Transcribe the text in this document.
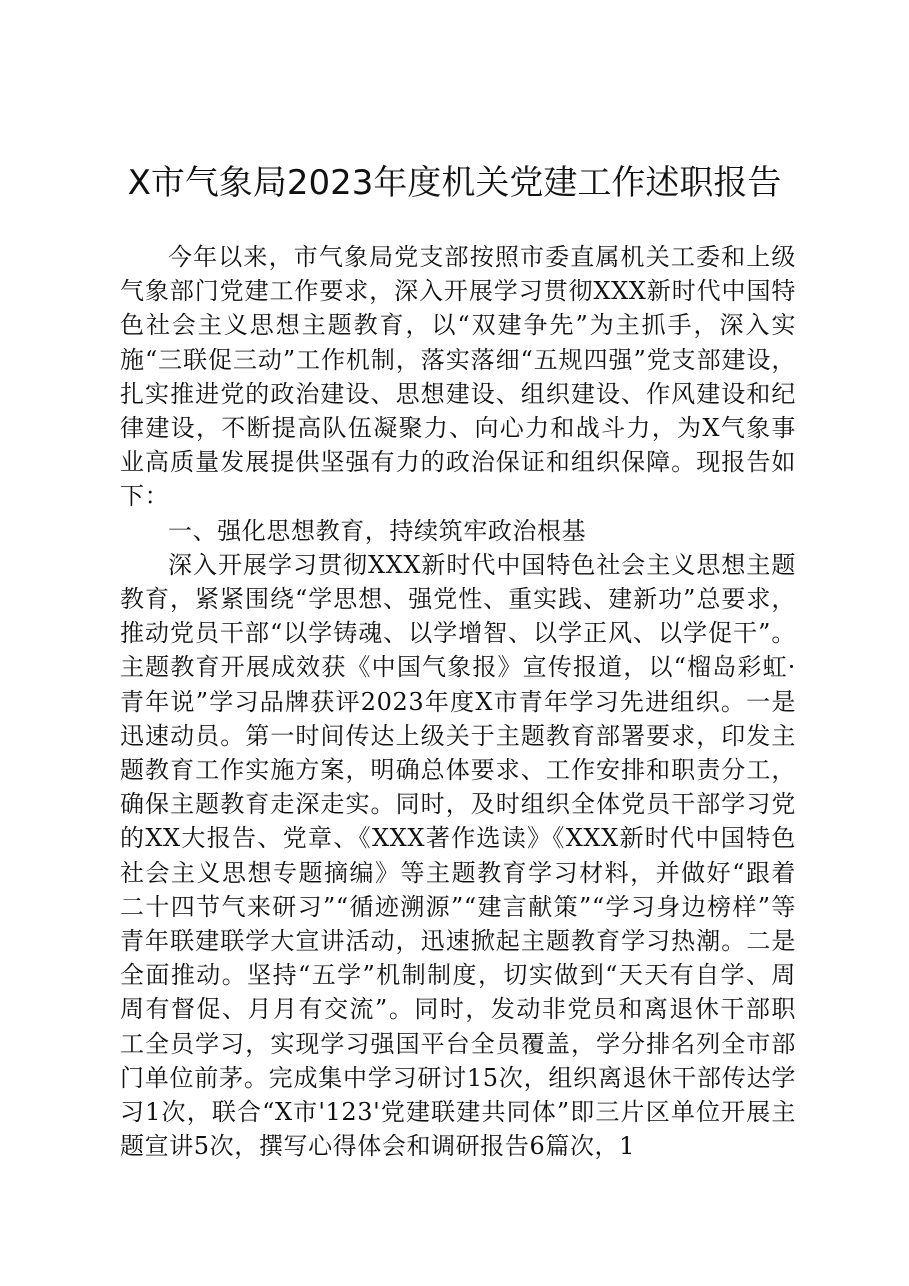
X市气象局2023年度机关党建工作述职报告

今年以来，市气象局党支部按照市委直属机关工委和上级气象部门党建工作要求，深入开展学习贯彻XXX新时代中国特色社会主义思想主题教育，以“双建争先”为主抓手，深入实施“三联促三动”工作机制，落实落细“五规四强”党支部建设，扎实推进党的政治建设、思想建设、组织建设、作风建设和纪律建设，不断提高队伍凝聚力、向心力和战斗力，为X气象事业高质量发展提供坚强有力的政治保证和组织保障。现报告如下：

一、强化思想教育，持续筑牢政治根基

深入开展学习贯彻XXX新时代中国特色社会主义思想主题教育，紧紧围绕“学思想、强党性、重实践、建新功”总要求，推动党员干部“以学铸魂、以学增智、以学正风、以学促干”。主题教育开展成效获《中国气象报》宣传报道，以“榴岛彩虹·青年说”学习品牌获评2023年度X市青年学习先进组织。一是迅速动员。第一时间传达上级关于主题教育部署要求，印发主题教育工作实施方案，明确总体要求、工作安排和职责分工，确保主题教育走深走实。同时，及时组织全体党员干部学习党的XX大报告、党章、《XXX著作选读》《XXX新时代中国特色社会主义思想专题摘编》等主题教育学习材料，并做好“跟着二十四节气来研习”“循迹溯源”“建言献策”“学习身边榜样”等青年联建联学大宣讲活动，迅速掀起主题教育学习热潮。二是全面推动。坚持“五学”机制制度，切实做到“天天有自学、周周有督促、月月有交流”。同时，发动非党员和离退休干部职工全员学习，实现学习强国平台全员覆盖，学分排名列全市部门单位前茅。完成集中学习研讨15次，组织离退休干部传达学习1次，联合“X市'123'党建联建共同体”即三片区单位开展主题宣讲5次，撰写心得体会和调研报告6篇次，1
